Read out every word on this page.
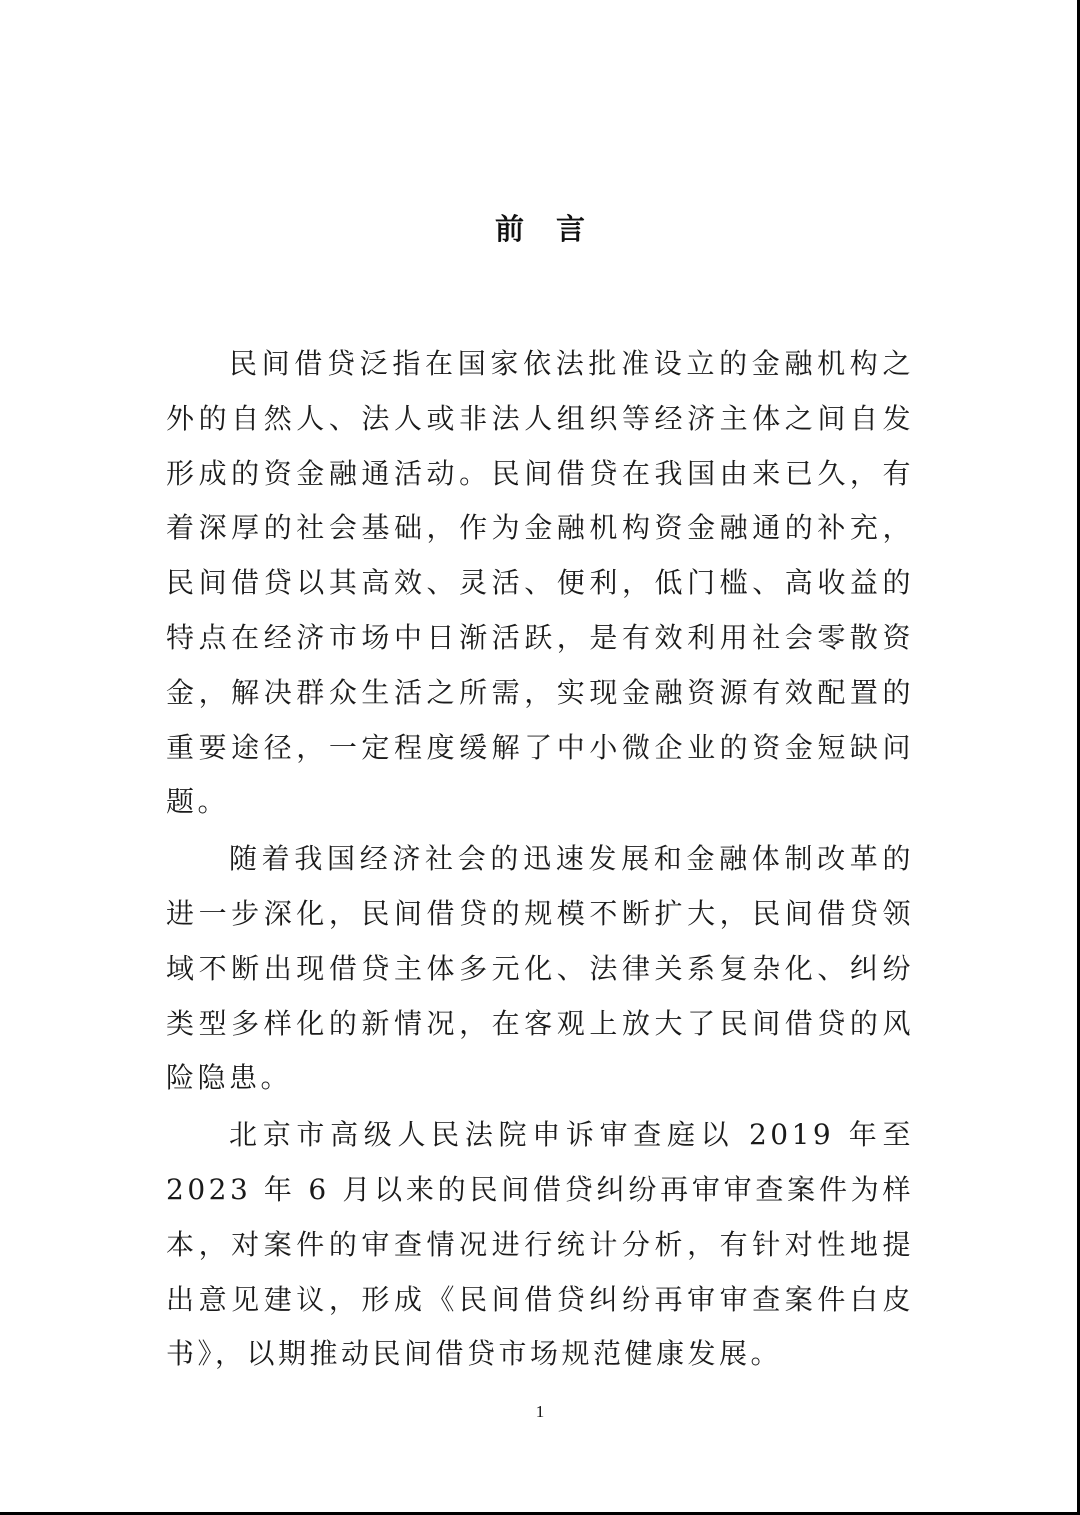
前言

民间借贷泛指在国家依法批准设立的金融机构之外的自然人、法人或非法人组织等经济主体之间自发形成的资金融通活动。民间借贷在我国由来已久，有着深厚的社会基础，作为金融机构资金融通的补充，民间借贷以其高效、灵活、便利，低门槛、高收益的特点在经济市场中日渐活跃，是有效利用社会零散资金，解决群众生活之所需，实现金融资源有效配置的重要途径，一定程度缓解了中小微企业的资金短缺问题。

随着我国经济社会的迅速发展和金融体制改革的进一步深化，民间借贷的规模不断扩大，民间借贷领域不断出现借贷主体多元化、法律关系复杂化、纠纷类型多样化的新情况，在客观上放大了民间借贷的风险隐患。

北京市高级人民法院申诉审查庭以 2019 年至 2023 年 6 月以来的民间借贷纠纷再审审查案件为样本，对案件的审查情况进行统计分析，有针对性地提出意见建议，形成《民间借贷纠纷再审审查案件白皮书》，以期推动民间借贷市场规范健康发展。

1
